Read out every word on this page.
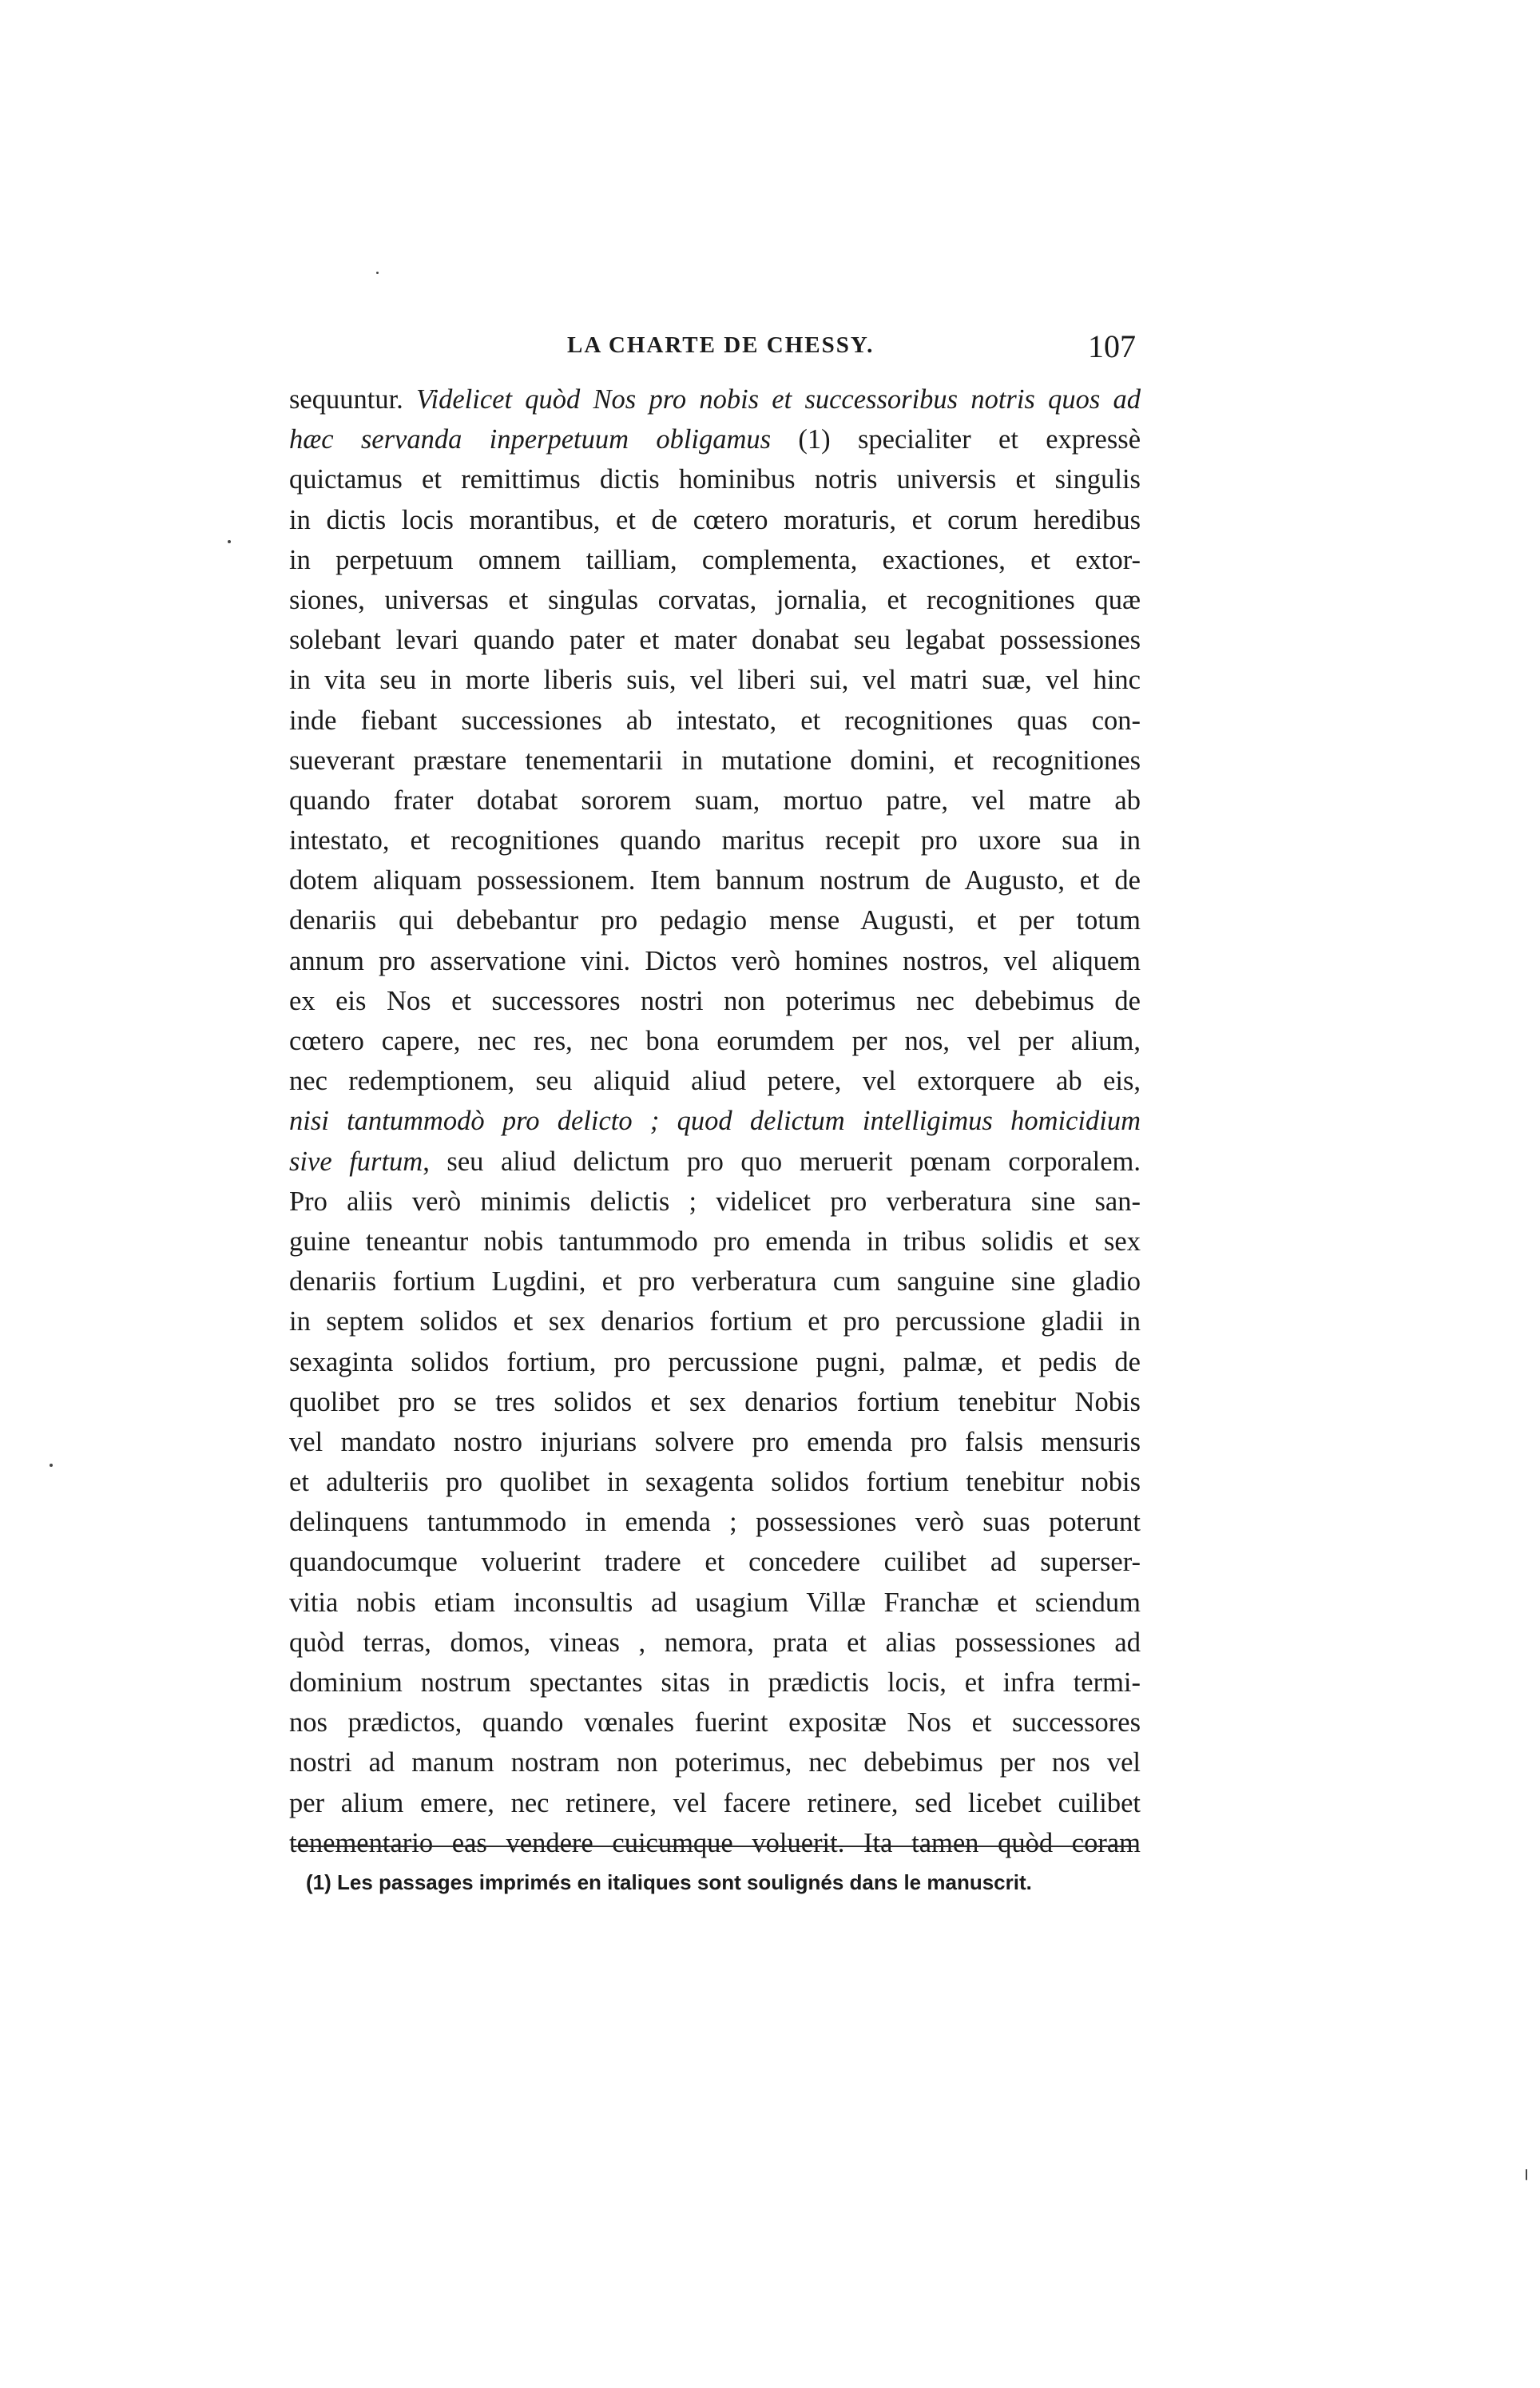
LA CHARTE DE CHESSY.	107
sequuntur. Videlicet quòd Nos pro nobis et successoribus notris quos ad
hæc servanda inperpetuum obligamus (1) specialiter et expressè
quictamus et remittimus dictis hominibus notris universis et singulis
in dictis locis morantibus, et de cœtero moraturis, et corum heredibus
in perpetuum omnem tailliam, complementa, exactiones, et extor-
siones, universas et singulas corvatas, jornalia, et recognitiones quæ
solebant levari quando pater et mater donabat seu legabat possessiones
in vita seu in morte liberis suis, vel liberi sui, vel matri suæ, vel hinc
inde fiebant successiones ab intestato, et recognitiones quas con-
sueverant præstare tenementarii in mutatione domini, et recognitiones
quando frater dotabat sororem suam, mortuo patre, vel matre ab
intestato, et recognitiones quando maritus recepit pro uxore sua in
dotem aliquam possessionem. Item bannum nostrum de Augusto, et de
denariis qui debebantur pro pedagio mense Augusti, et per totum
annum pro asservatione vini. Dictos verò homines nostros, vel aliquem
ex eis Nos et successores nostri non poterimus nec debebimus de
cœtero capere, nec res, nec bona eorumdem per nos, vel per alium,
nec redemptionem, seu aliquid aliud petere, vel extorquere ab eis,
nisi tantummodò pro delicto ; quod delictum intelligimus homicidium
sive furtum, seu aliud delictum pro quo meruerit pœnam corporalem.
Pro aliis verò minimis delictis ; videlicet pro verberatura sine san-
guine teneantur nobis tantummodo pro emenda in tribus solidis et sex
denariis fortium Lugdini, et pro verberatura cum sanguine sine gladio
in septem solidos et sex denarios fortium et pro percussione gladii in
sexaginta solidos fortium, pro percussione pugni, palmæ, et pedis de
quolibet pro se tres solidos et sex denarios fortium tenebitur Nobis
vel mandato nostro injurians solvere pro emenda pro falsis mensuris
et adulteriis pro quolibet in sexagenta solidos fortium tenebitur nobis
delinquens tantummodo in emenda ; possessiones verò suas poterunt
quandocumque voluerint tradere et concedere cuilibet ad superser-
vitia nobis etiam inconsultis ad usagium Villæ Franchæ et sciendum
quòd terras, domos, vineas , nemora, prata et alias possessiones ad
dominium nostrum spectantes sitas in prædictis locis, et infra termi-
nos prædictos, quando vœnales fuerint expositæ Nos et successores
nostri ad manum nostram non poterimus, nec debebimus per nos vel
per alium emere, nec retinere, vel facere retinere, sed licebet cuilibet
tenementario eas vendere cuicumque voluerit. Ita tamen quòd coram
(1) Les passages imprimés en italiques sont soulignés dans le manuscrit.
